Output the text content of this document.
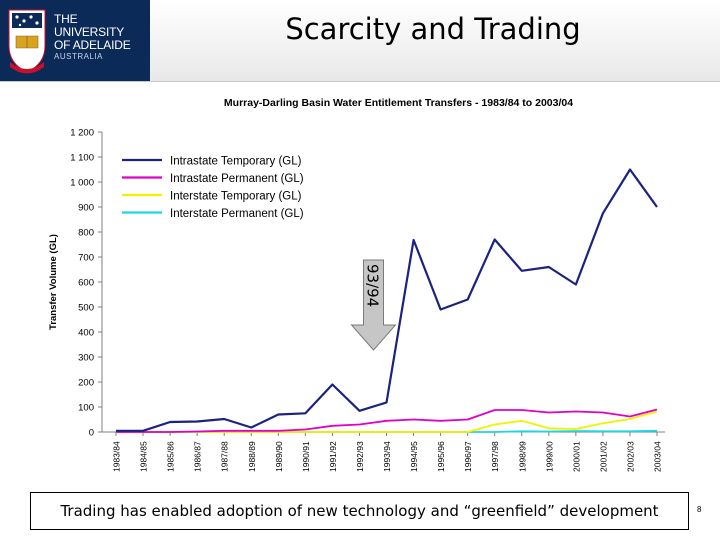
THE UNIVERSITY
OF ADELAIDE
AUSTRALIA
Scarcity and Trading
Murray-Darling Basin Water Entitlement Transfers - 1983/84 to 2003/04
0
100
200
300
400
500
600
700
800
900
1 000
1 100
1 200
Transfer Volume (GL)
1983/84 1984/85 1985/86 1986/87 1987/88 1988/89 1989/90 1990/91 1991/92 1992/93 1993/94 1994/95 1995/96 1996/97 1997/98 1998/99 1999/00 2000/01 2001/02 2002/03 2003/04
Intrastate Temporary (GL)
Intrastate Permanent (GL)
Interstate Temporary (GL)
Interstate Permanent (GL)
93/94
Trading has enabled adoption of new technology and “greenfield” development	8
